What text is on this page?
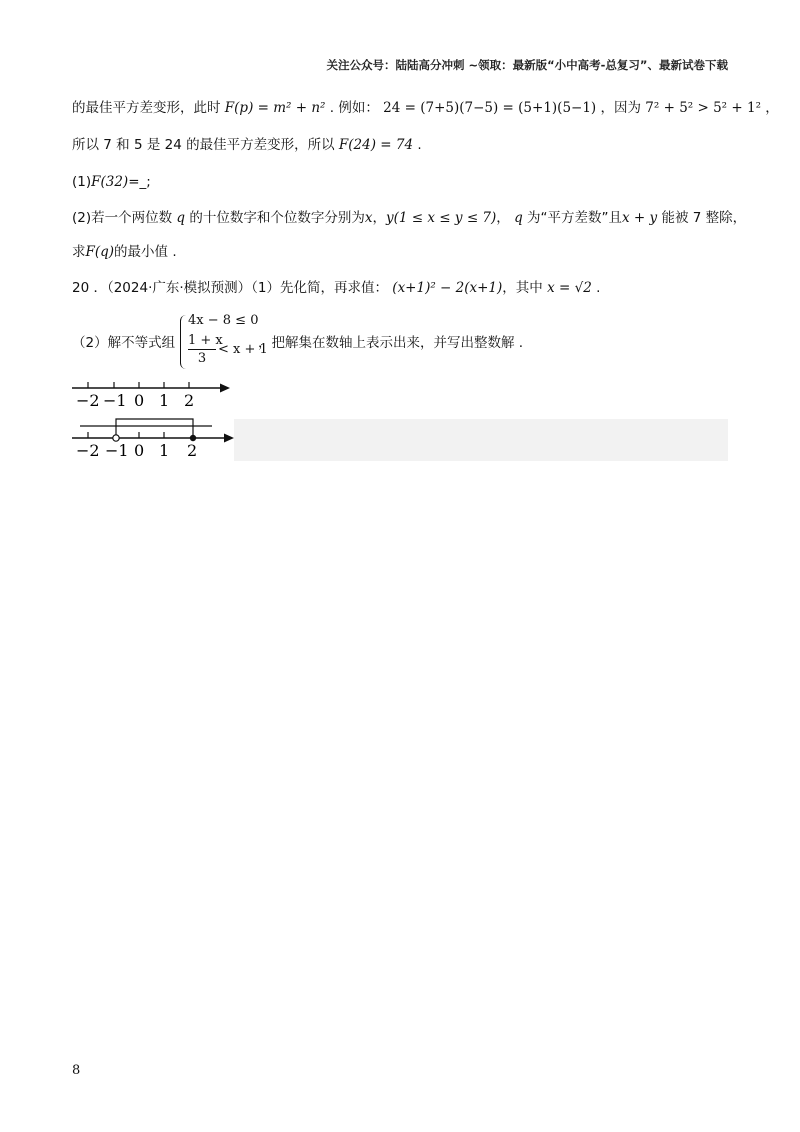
关注公众号：陆陆高分冲刺 ~领取：最新版“小中高考-总复习”、最新试卷下载
的最佳平方差变形，此时 F(p) = m² + n² . 例如： 24 = (7+5)(7−5) = (5+1)(5−1) ，因为 7² + 5² > 5² + 1² ，
所以 7 和 5 是 24 的最佳平方差变形，所以 F(24) = 74 .
(1)F(32)=_;
(2)若一个两位数 q 的十位数字和个位数字分别为x，y(1 ≤ x ≤ y ≤ 7)， q 为“平方差数”且x + y 能被 7 整除，
求F(q)的最小值 .
20 ．（2024·广东·模拟预测）（1）先化简，再求值： (x+1)² − 2(x+1)，其中 x = √2 .
（2）解不等式组
4x − 8 ≤ 0
1 + x
3
< x + 1
，把解集在数轴上表示出来，并写出整数解 .
−2 −1 0 1 2
−2 −1 0 1 2
8
